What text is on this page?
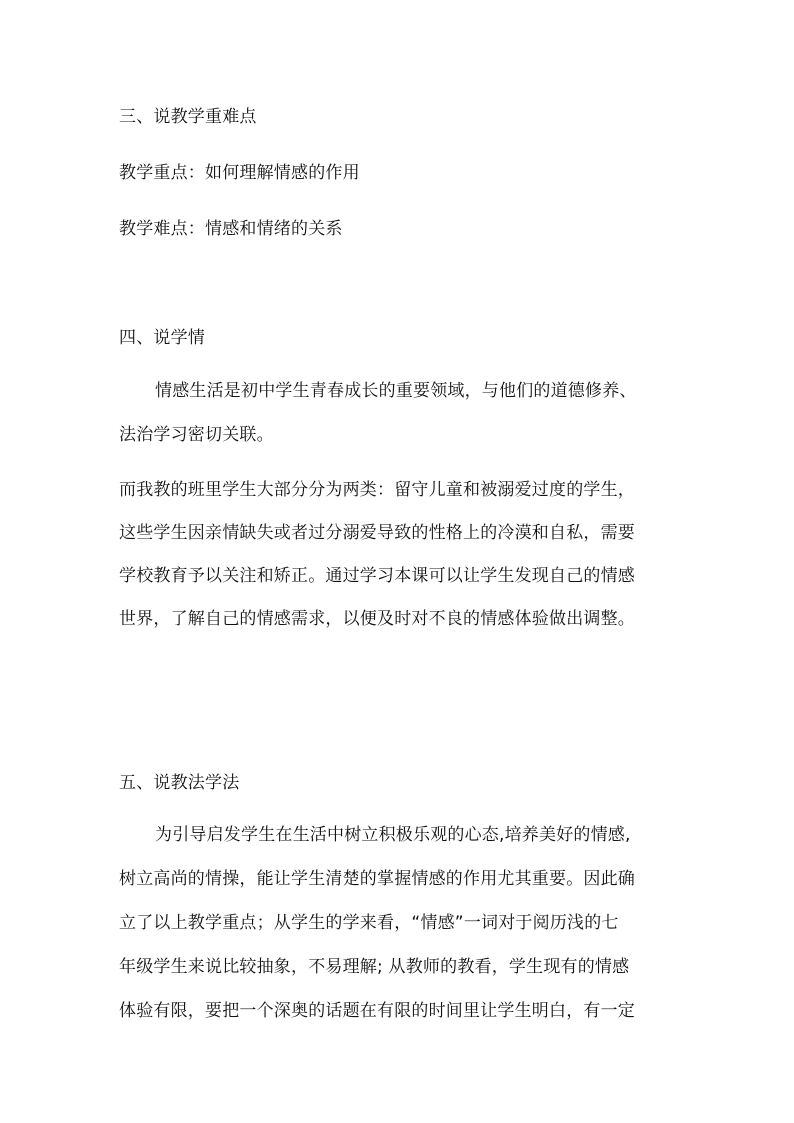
三、说教学重难点
教学重点：如何理解情感的作用
教学难点：情感和情绪的关系
四、说学情
情感生活是初中学生青春成长的重要领域，与他们的道德修养、
法治学习密切关联。
而我教的班里学生大部分分为两类：留守儿童和被溺爱过度的学生，
这些学生因亲情缺失或者过分溺爱导致的性格上的冷漠和自私，需要
学校教育予以关注和矫正。通过学习本课可以让学生发现自己的情感
世界，了解自己的情感需求，以便及时对不良的情感体验做出调整。
五、说教法学法
为引导启发学生在生活中树立积极乐观的心态,培养美好的情感,
树立高尚的情操，能让学生清楚的掌握情感的作用尤其重要。因此确
立了以上教学重点；从学生的学来看，“情感”一词对于阅历浅的七
年级学生来说比较抽象，不易理解; 从教师的教看，学生现有的情感
体验有限，要把一个深奥的话题在有限的时间里让学生明白，有一定
